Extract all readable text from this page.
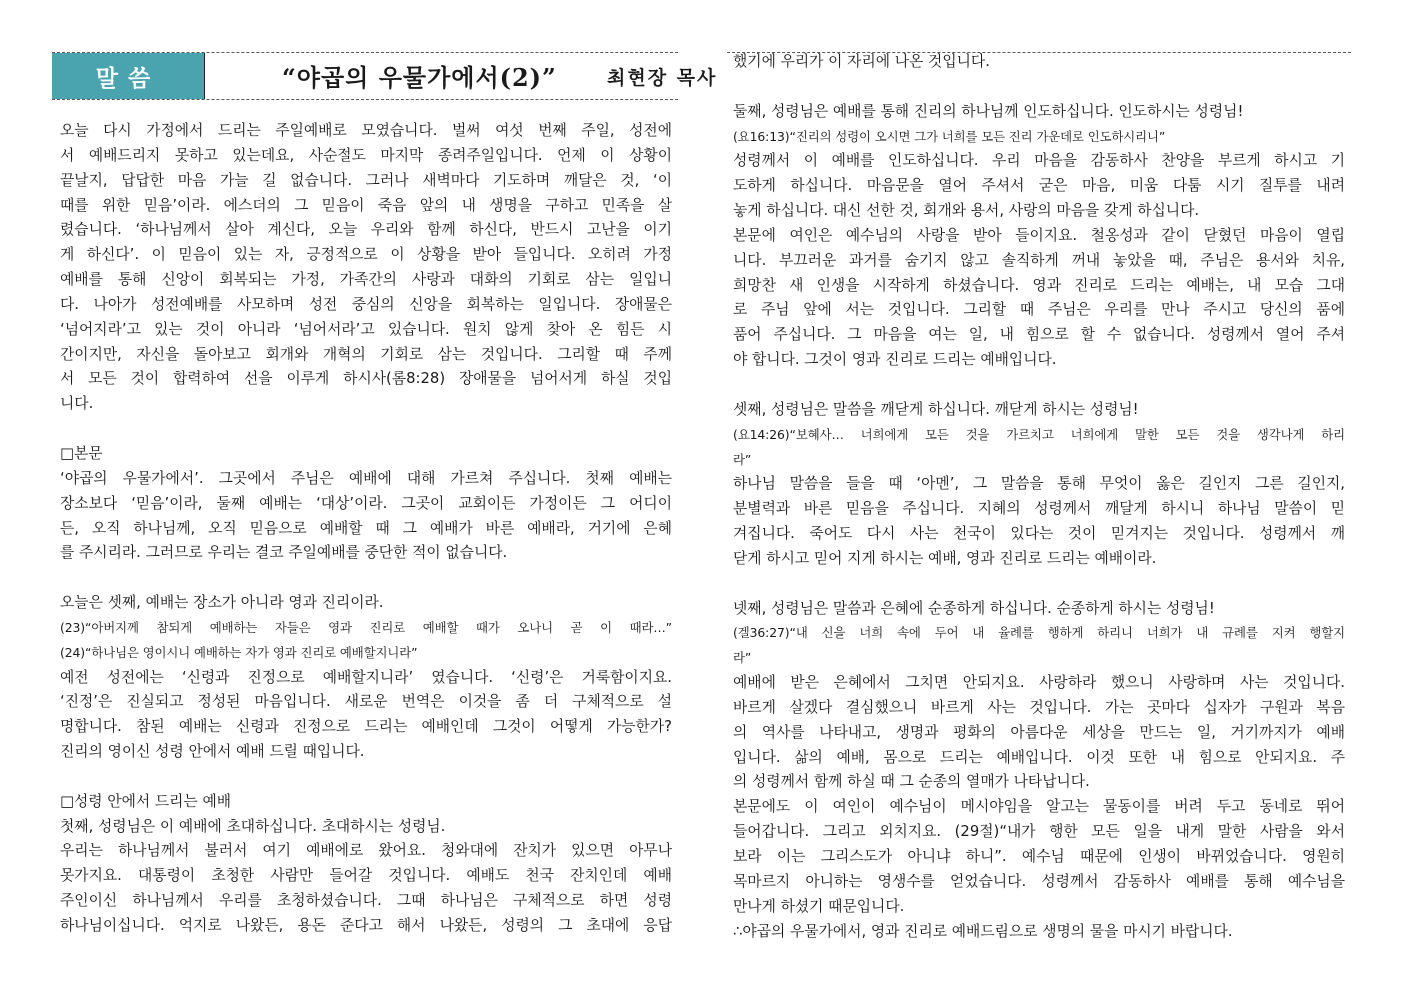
말씀	“야곱의 우물가에서(2)”	최현장 목사
오늘 다시 가정에서 드리는 주일예배로 모였습니다. 벌써 여섯 번째 주일, 성전에
서 예배드리지 못하고 있는데요, 사순절도 마지막 종려주일입니다. 언제 이 상황이
끝날지, 답답한 마음 가늘 길 없습니다. 그러나 새벽마다 기도하며 깨달은 것, ‘이
때를 위한 믿음’이라. 에스더의 그 믿음이 죽음 앞의 내 생명을 구하고 민족을 살
렸습니다. ‘하나님께서 살아 계신다, 오늘 우리와 함께 하신다, 반드시 고난을 이기
게 하신다’. 이 믿음이 있는 자, 긍정적으로 이 상황을 받아 들입니다. 오히려 가정
예배를 통해 신앙이 회복되는 가정, 가족간의 사랑과 대화의 기회로 삼는 일입니
다. 나아가 성전예배를 사모하며 성전 중심의 신앙을 회복하는 일입니다. 장애물은
‘넘어지라’고 있는 것이 아니라 ‘넘어서라’고 있습니다. 원치 않게 찾아 온 힘든 시
간이지만, 자신을 돌아보고 회개와 개혁의 기회로 삼는 것입니다. 그리할 때 주께
서 모든 것이 합력하여 선을 이루게 하시사(롬8:28) 장애물을 넘어서게 하실 것입
니다.
□본문
‘야곱의 우물가에서’. 그곳에서 주님은 예배에 대해 가르쳐 주십니다. 첫째 예배는
장소보다 ‘믿음’이라, 둘째 예배는 ‘대상’이라. 그곳이 교회이든 가정이든 그 어디이
든, 오직 하나님께, 오직 믿음으로 예배할 때 그 예배가 바른 예배라, 거기에 은혜
를 주시리라. 그러므로 우리는 결코 주일예배를 중단한 적이 없습니다.
오늘은 셋째, 예배는 장소가 아니라 영과 진리이라.
(23)“아버지께 참되게 예배하는 자들은 영과 진리로 예배할 때가 오나니 곧 이 때라…”
(24)“하나님은 영이시니 예배하는 자가 영과 진리로 예배할지니라”
예전 성전에는 ‘신령과 진정으로 예배할지니라’ 였습니다. ‘신령’은 거룩함이지요.
‘진정’은 진실되고 정성된 마음입니다. 새로운 번역은 이것을 좀 더 구체적으로 설
명합니다. 참된 예배는 신령과 진정으로 드리는 예배인데 그것이 어떻게 가능한가?
진리의 영이신 성령 안에서 예배 드릴 때입니다.
□성령 안에서 드리는 예배
첫째, 성령님은 이 예배에 초대하십니다. 초대하시는 성령님.
우리는 하나님께서 불러서 여기 예배에로 왔어요. 청와대에 잔치가 있으면 아무나
못가지요. 대통령이 초청한 사람만 들어갈 것입니다. 예배도 천국 잔치인데 예배
주인이신 하나님께서 우리를 초청하셨습니다. 그때 하나님은 구체적으로 하면 성령
하나님이십니다. 억지로 나왔든, 용돈 준다고 해서 나왔든, 성령의 그 초대에 응답
했기에 우리가 이 자리에 나온 것입니다.
둘째, 성령님은 예배를 통해 진리의 하나님께 인도하십니다. 인도하시는 성령님!
(요16:13)“진리의 성령이 오시면 그가 너희를 모든 진리 가운데로 인도하시리니”
성령께서 이 예배를 인도하십니다. 우리 마음을 감동하사 찬양을 부르게 하시고 기
도하게 하십니다. 마음문을 열어 주셔서 굳은 마음, 미움 다툼 시기 질투를 내려
놓게 하십니다. 대신 선한 것, 회개와 용서, 사랑의 마음을 갖게 하십니다.
본문에 여인은 예수님의 사랑을 받아 들이지요. 철옹성과 같이 닫혔던 마음이 열립
니다. 부끄러운 과거를 숨기지 않고 솔직하게 꺼내 놓았을 때, 주님은 용서와 치유,
희망찬 새 인생을 시작하게 하셨습니다. 영과 진리로 드리는 예배는, 내 모습 그대
로 주님 앞에 서는 것입니다. 그리할 때 주님은 우리를 만나 주시고 당신의 품에
품어 주십니다. 그 마음을 여는 일, 내 힘으로 할 수 없습니다. 성령께서 열어 주셔
야 합니다. 그것이 영과 진리로 드리는 예배입니다.
셋째, 성령님은 말씀을 깨닫게 하십니다. 깨닫게 하시는 성령님!
(요14:26)“보혜사… 너희에게 모든 것을 가르치고 너희에게 말한 모든 것을 생각나게 하리
라”
하나님 말씀을 들을 때 ‘아멘’, 그 말씀을 통해 무엇이 옳은 길인지 그른 길인지,
분별력과 바른 믿음을 주십니다. 지혜의 성령께서 깨달게 하시니 하나님 말씀이 믿
겨집니다. 죽어도 다시 사는 천국이 있다는 것이 믿겨지는 것입니다. 성령께서 깨
닫게 하시고 믿어 지게 하시는 예배, 영과 진리로 드리는 예배이라.
넷째, 성령님은 말씀과 은혜에 순종하게 하십니다. 순종하게 하시는 성령님!
(겔36:27)“내 신을 너희 속에 두어 내 율례를 행하게 하리니 너희가 내 규례를 지켜 행할지
라”
예배에 받은 은혜에서 그치면 안되지요. 사랑하라 했으니 사랑하며 사는 것입니다.
바르게 살겠다 결심했으니 바르게 사는 것입니다. 가는 곳마다 십자가 구원과 복음
의 역사를 나타내고, 생명과 평화의 아름다운 세상을 만드는 일, 거기까지가 예배
입니다. 삶의 예배, 몸으로 드리는 예배입니다. 이것 또한 내 힘으로 안되지요. 주
의 성령께서 함께 하실 때 그 순종의 열매가 나타납니다.
본문에도 이 여인이 예수님이 메시야임을 알고는 물동이를 버려 두고 동네로 뛰어
들어갑니다. 그리고 외치지요. (29절)“내가 행한 모든 일을 내게 말한 사람을 와서
보라 이는 그리스도가 아니냐 하니”. 예수님 때문에 인생이 바뀌었습니다. 영원히
목마르지 아니하는 영생수를 얻었습니다. 성령께서 감동하사 예배를 통해 예수님을
만나게 하셨기 때문입니다.
∴야곱의 우물가에서, 영과 진리로 예배드림으로 생명의 물을 마시기 바랍니다.
